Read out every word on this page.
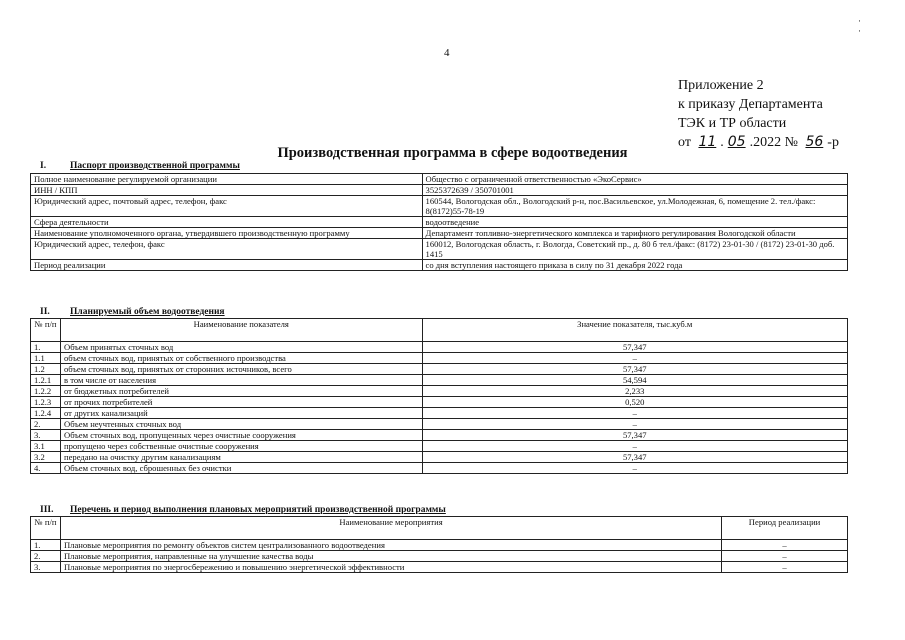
4
· ·
Приложение 2
к приказу Департамента
ТЭК и ТР области
от 11 . 05 .2022 № 56 -р
Производственная программа в сфере водоотведения
I.	Паспорт производственной программы
Полное наименование регулируемой организации	Общество с ограниченной ответственностью «ЭкоСервис»
ИНН / КПП	3525372639 / 350701001
Юридический адрес, почтовый адрес, телефон, факс	160544, Вологодская обл., Вологодский р-н, пос.Васильевское, ул.Молодежная, 6, помещение 2. тел./факс: 8(8172)55-78-19
Сфера деятельности	водоотведение
Наименование уполномоченного органа, утвердившего производственную программу	Департамент топливно-энергетического комплекса и тарифного регулирования Вологодской области
Юридический адрес, телефон, факс	160012, Вологодская область, г. Вологда, Советский пр., д. 80 б тел./факс: (8172) 23-01-30 / (8172) 23-01-30 доб. 1415
Период реализации	со дня вступления настоящего приказа в силу по 31 декабря 2022 года
II. Планируемый объем водоотведения
№ п/п	Наименование показателя	Значение показателя, тыс.куб.м
1.	Объем принятых сточных вод	57,347
1.1	объем сточных вод, принятых от собственного производства	–
1.2	объем сточных вод, принятых от сторонних источников, всего	57,347
1.2.1	в том числе от населения	54,594
1.2.2	от бюджетных потребителей	2,233
1.2.3	от прочих потребителей	0,520
1.2.4	от других канализаций	–
2.	Объем неучтенных сточных вод	–
3.	Объем сточных вод, пропущенных через очистные сооружения	57,347
3.1	пропущено через собственные очистные сооружения	–
3.2	передано на очистку другим канализациям	57,347
4.	Объем сточных вод, сброшенных без очистки	–
III. Перечень и период выполнения плановых мероприятий производственной программы
№ п/п	Наименование мероприятия	Период реализации
1.	Плановые мероприятия по ремонту объектов систем централизованного водоотведения	–
2.	Плановые мероприятия, направленные на улучшение качества воды	–
3.	Плановые мероприятия по энергосбережению и повышению энергетической эффективности	–
